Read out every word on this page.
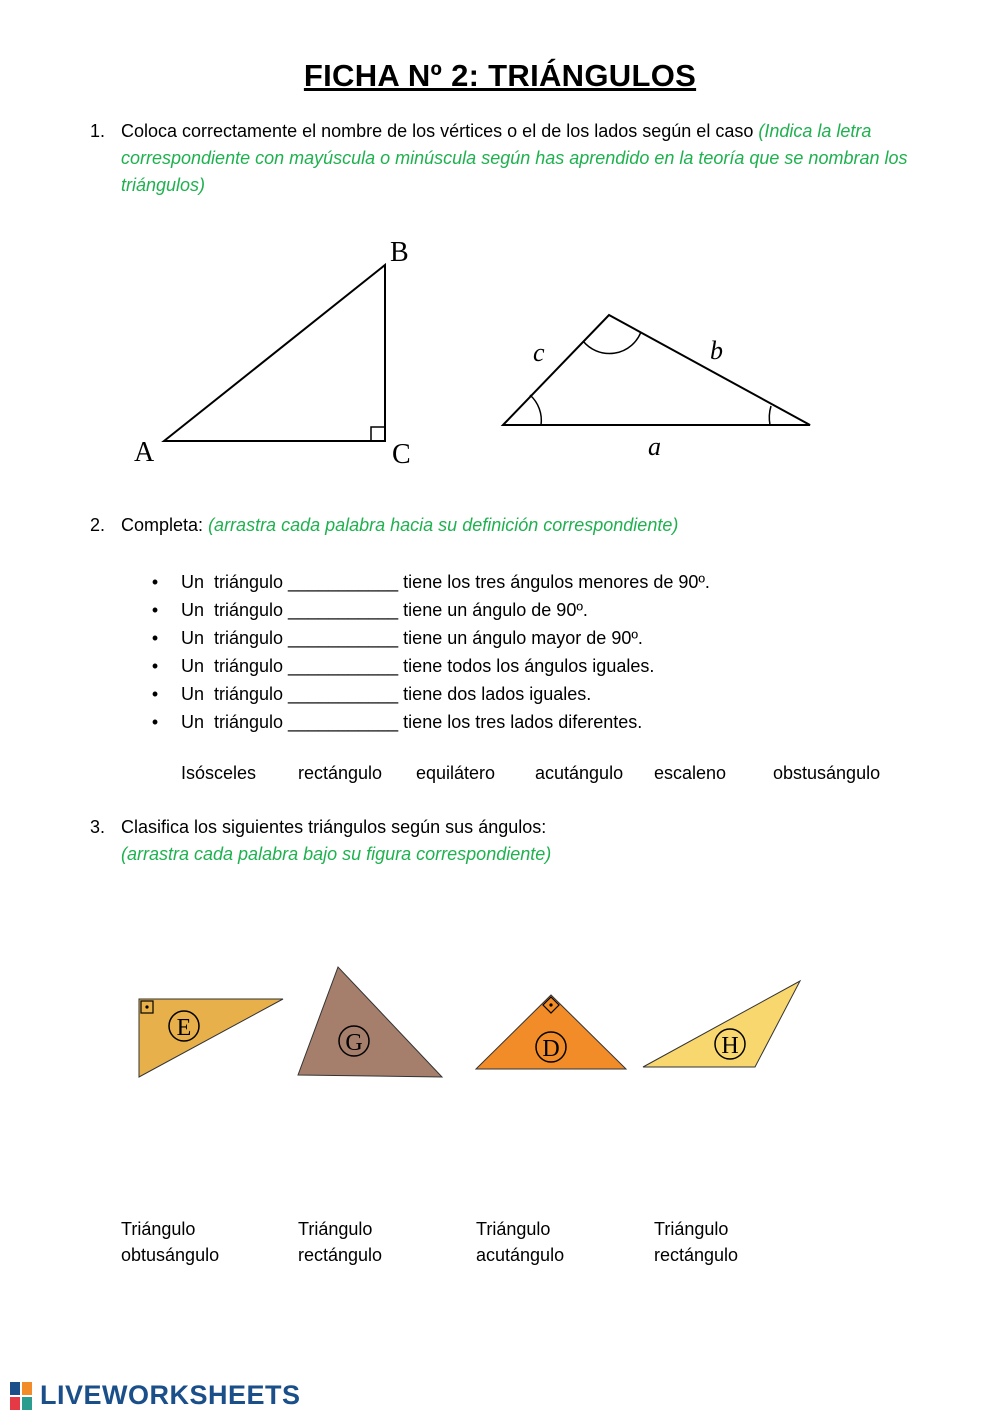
FICHA Nº 2: TRIÁNGULOS
1. Coloca correctamente el nombre de los vértices o el de los lados según el caso (Indica la letra correspondiente con mayúscula o minúscula según has aprendido en la teoría que se nombran los triángulos)
A
B
C
c	b
a
2. Completa: (arrastra cada palabra hacia su definición correspondiente)

•

Un  triángulo ___________ tiene los tres ángulos menores de 90º.

•

Un  triángulo ___________ tiene un ángulo de 90º.

•

Un  triángulo ___________ tiene un ángulo mayor de 90º.

•

Un  triángulo ___________ tiene todos los ángulos iguales.

•

Un  triángulo ___________ tiene dos lados iguales.

•

Un  triángulo ___________ tiene los tres lados diferentes.

Isósceles rectángulo equilátero acutángulo escaleno	obstusángulo
3. Clasifica los siguientes triángulos según sus ángulos:
(arrastra cada palabra bajo su figura correspondiente)
E
G	D	H
Triángulo
obtusángulo
Triángulo
rectángulo
Triángulo
acutángulo
Triángulo
rectángulo
LIVEWORKSHEETS
